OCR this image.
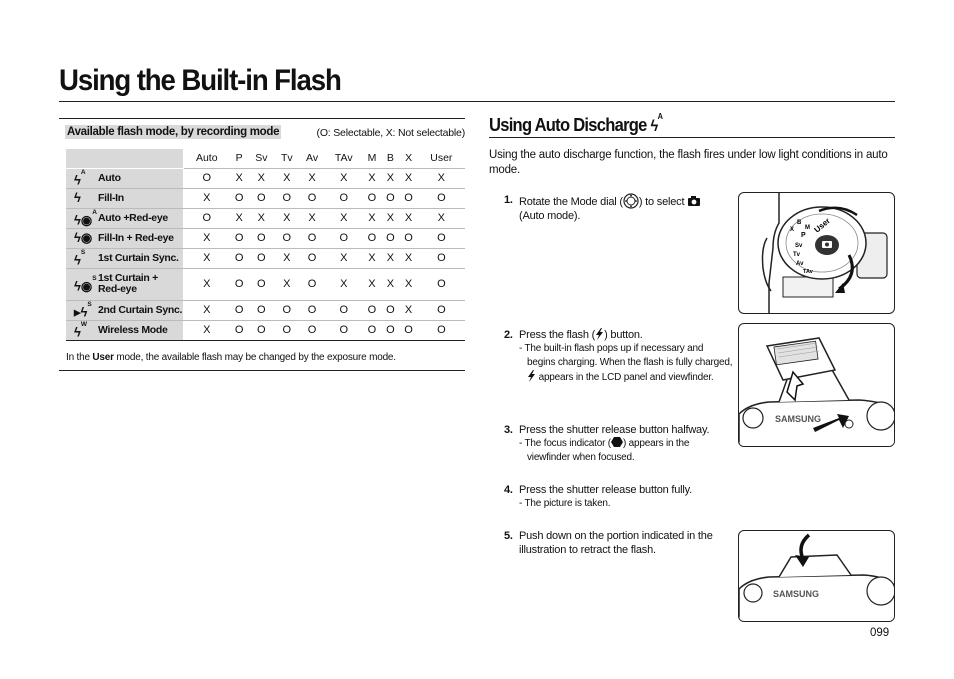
Using the Built-in Flash
Available flash mode, by recording mode	(O: Selectable, X: Not selectable)
	Auto	P	Sv	Tv	Av	TAv	M	B	X	User

$ϟ^A$ Auto	O	X	X	X	X	X	X	X	X	X

ϟ Fill-In	X	O	O	O	O	O	O	O	O	O

ϟ◉$^A$ Auto +Red-eye	O	X	X	X	X	X	X	X	X	X

ϟ◉ Fill-In + Red-eye	X	O	O	O	O	O	O	O	O	O

$ϟ^S$ 1st Curtain Sync.	X	O	O	X	O	X	X	X	X	O

ϟ◉$^S$ 1st Curtain +
Red-eye	X	O	O	X	O	X	X	X	X	O

$▸ϟ^S$ 2nd Curtain Sync.	X	O	O	O	O	O	O	O	X	O

$ϟ^W$ Wireless Mode	X	O	O	O	O	O	O	O	O	O
In the User mode, the available flash may be changed by the exposure mode.
Using Auto Discharge $ϟ^A$
Using the auto discharge function, the flash fires under low light conditions in auto mode.
1. Rotate the Mode dial ( ) to select
(Auto mode).
2. Press the flash ( ) button.
- The built-in flash pops up if necessary and begins charging. When the flash is fully charged,  appears in the LCD panel and viewfinder.
3. Press the shutter release button halfway.
- The focus indicator ( ) appears in the viewfinder when focused.
4. Press the shutter release button fully.
- The picture is taken.
5. Push down on the portion indicated in the illustration to retract the flash.
User
P
Sv
Tv
Av
TAv
M
B
X
SAMSUNG
SAMSUNG
099
